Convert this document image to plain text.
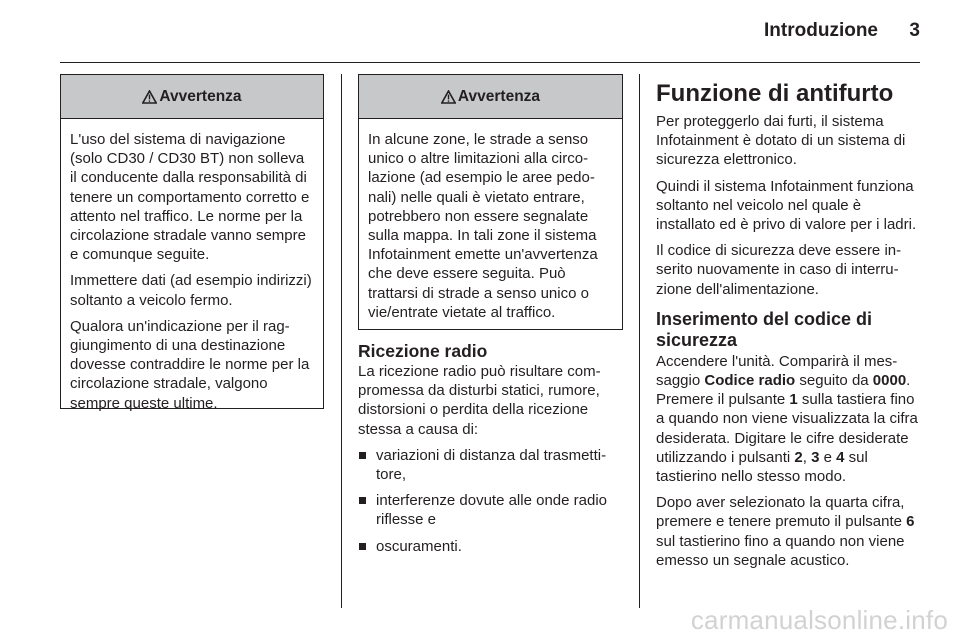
Introduzione 3
Avvertenza

L'uso del sistema di navigazione (solo CD30 / CD30 BT) non solleva il conducente dalla responsabilità di tenere un comportamento corretto e attento nel traffico. Le norme per la circolazione stradale vanno sempre e comunque seguite.

Immettere dati (ad esempio indirizzi) soltanto a veicolo fermo.

Qualora un'indicazione per il raggiungimento di una destinazione dovesse contraddire le norme per la circolazione stradale, valgono sempre queste ultime.

Avvertenza

In alcune zone, le strade a senso unico o altre limitazioni alla circolazione (ad esempio le aree pedonali) nelle quali è vietato entrare, potrebbero non essere segnalate sulla mappa. In tali zone il sistema Infotainment emette un'avvertenza che deve essere seguita. Può trattarsi di strade a senso unico o vie/entrate vietate al traffico.

Ricezione radio

La ricezione radio può risultare compromessa da disturbi statici, rumore, distorsioni o perdita della ricezione stessa a causa di:

variazioni di distanza dal trasmettitore,
interferenze dovute alle onde radio riflesse e
oscuramenti.
Funzione di antifurto

Per proteggerlo dai furti, il sistema Infotainment è dotato di un sistema di sicurezza elettronico.

Quindi il sistema Infotainment funziona soltanto nel veicolo nel quale è installato ed è privo di valore per i ladri.

Il codice di sicurezza deve essere inserito nuovamente in caso di interruzione dell'alimentazione.

Inserimento del codice di sicurezza

Accendere l'unità. Comparirà il messaggio Codice radio seguito da 0000. Premere il pulsante 1 sulla tastiera fino a quando non viene visualizzata la cifra desiderata. Digitare le cifre desiderate utilizzando i pulsanti 2, 3 e 4 sul tastierino nello stesso modo.

Dopo aver selezionato la quarta cifra, premere e tenere premuto il pulsante 6 sul tastierino fino a quando non viene emesso un segnale acustico.

carmanualsonline.info
